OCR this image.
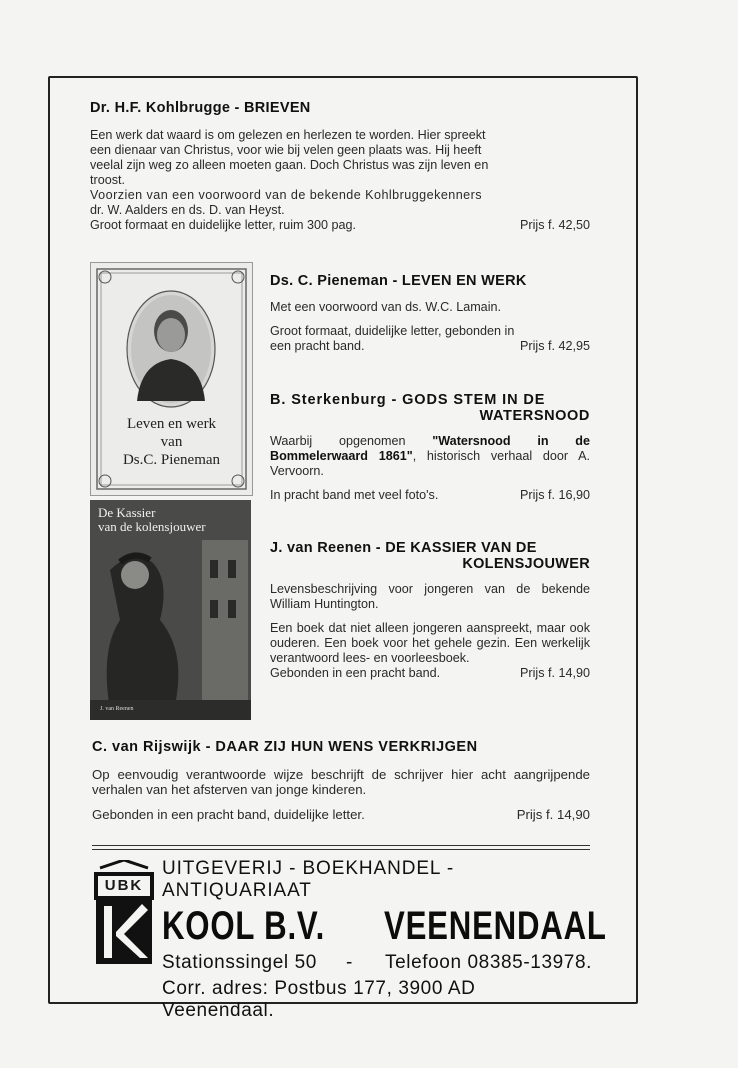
Dr. H.F. Kohlbrugge - BRIEVEN
Een werk dat waard is om gelezen en herlezen te worden. Hier spreekt
een dienaar van Christus, voor wie bij velen geen plaats was. Hij heeft
veelal zijn weg zo alleen moeten gaan. Doch Christus was zijn leven en
troost.
Voorzien van een voorwoord van de bekende Kohlbruggekenners
dr. W. Aalders en ds. D. van Heyst.
Groot formaat en duidelijke letter, ruim 300 pag.	Prijs f. 42,50
Leven en werk
van
Ds.C. Pieneman
De Kassier
van de kolensjouwer
J. van Reenen
Ds. C. Pieneman - LEVEN EN WERK
Met een voorwoord van ds. W.C. Lamain.
Groot formaat, duidelijke letter, gebonden in
een pracht band.	Prijs f. 42,95
B. Sterkenburg - GODS STEM IN DE
WATERSNOOD
Waarbij opgenomen "Watersnood in de Bommelerwaard 1861", historisch verhaal door A. Vervoorn.
In pracht band met veel foto's.	Prijs f. 16,90
J. van Reenen - DE KASSIER VAN DE
KOLENSJOUWER
Levensbeschrijving voor jongeren van de bekende William Huntington.
Een boek dat niet alleen jongeren aanspreekt, maar ook ouderen. Een boek voor het gehele gezin. Een werkelijk verantwoord lees- en voorleesboek.
Gebonden in een pracht band.	Prijs f. 14,90
C. van Rijswijk - DAAR ZIJ HUN WENS VERKRIJGEN
Op eenvoudig verantwoorde wijze beschrijft de schrijver hier acht aangrijpende verhalen van het afsterven van jonge kinderen.
Gebonden in een pracht band, duidelijke letter.	Prijs f. 14,90
UBK
UITGEVERIJ - BOEKHANDEL - ANTIQUARIAAT
KOOL B.V. VEENENDAAL
Stationssingel 50 - Telefoon 08385-13978.
Corr. adres: Postbus 177, 3900 AD Veenendaal.
